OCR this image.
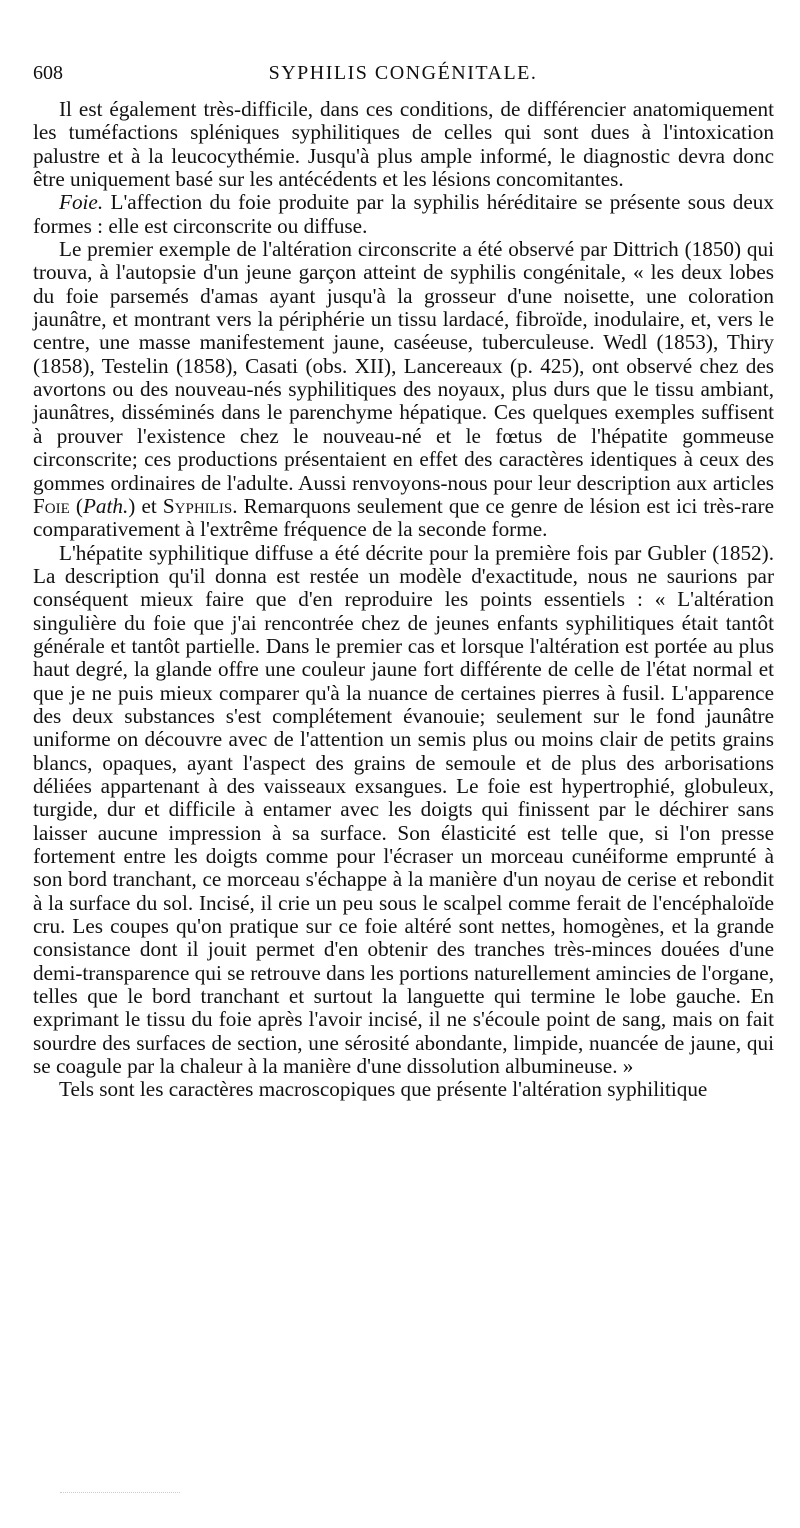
608	SYPHILIS CONGÉNITALE.

Il est également très-difficile, dans ces conditions, de différencier anatomiquement les tuméfactions spléniques syphilitiques de celles qui sont dues à l'intoxication palustre et à la leucocythémie. Jusqu'à plus ample informé, le diagnostic devra donc être uniquement basé sur les antécédents et les lésions concomitantes.

Foie. L'affection du foie produite par la syphilis héréditaire se présente sous deux formes : elle est circonscrite ou diffuse.

Le premier exemple de l'altération circonscrite a été observé par Dittrich (1850) qui trouva, à l'autopsie d'un jeune garçon atteint de syphilis congénitale, « les deux lobes du foie parsemés d'amas ayant jusqu'à la grosseur d'une noisette, une coloration jaunâtre, et montrant vers la périphérie un tissu lardacé, fibroïde, inodulaire, et, vers le centre, une masse manifestement jaune, caséeuse, tuberculeuse. Wedl (1853), Thiry (1858), Testelin (1858), Casati (obs. XII), Lancereaux (p. 425), ont observé chez des avortons ou des nouveau-nés syphilitiques des noyaux, plus durs que le tissu ambiant, jaunâtres, disséminés dans le parenchyme hépatique. Ces quelques exemples suffisent à prouver l'existence chez le nouveau-né et le fœtus de l'hépatite gommeuse circonscrite; ces productions présentaient en effet des caractères identiques à ceux des gommes ordinaires de l'adulte. Aussi renvoyons-nous pour leur description aux articles Foie (Path.) et Syphilis. Remarquons seulement que ce genre de lésion est ici très-rare comparativement à l'extrême fréquence de la seconde forme.

L'hépatite syphilitique diffuse a été décrite pour la première fois par Gubler (1852). La description qu'il donna est restée un modèle d'exactitude, nous ne saurions par conséquent mieux faire que d'en reproduire les points essentiels : « L'altération singulière du foie que j'ai rencontrée chez de jeunes enfants syphilitiques était tantôt générale et tantôt partielle. Dans le premier cas et lorsque l'altération est portée au plus haut degré, la glande offre une couleur jaune fort différente de celle de l'état normal et que je ne puis mieux comparer qu'à la nuance de certaines pierres à fusil. L'apparence des deux substances s'est complétement évanouie; seulement sur le fond jaunâtre uniforme on découvre avec de l'attention un semis plus ou moins clair de petits grains blancs, opaques, ayant l'aspect des grains de semoule et de plus des arborisations déliées appartenant à des vaisseaux exsangues. Le foie est hypertrophié, globuleux, turgide, dur et difficile à entamer avec les doigts qui finissent par le déchirer sans laisser aucune impression à sa surface. Son élasticité est telle que, si l'on presse fortement entre les doigts comme pour l'écraser un morceau cunéiforme emprunté à son bord tranchant, ce morceau s'échappe à la manière d'un noyau de cerise et rebondit à la surface du sol. Incisé, il crie un peu sous le scalpel comme ferait de l'encéphaloïde cru. Les coupes qu'on pratique sur ce foie altéré sont nettes, homogènes, et la grande consistance dont il jouit permet d'en obtenir des tranches très-minces douées d'une demi-transparence qui se retrouve dans les portions naturellement amincies de l'organe, telles que le bord tranchant et surtout la languette qui termine le lobe gauche. En exprimant le tissu du foie après l'avoir incisé, il ne s'écoule point de sang, mais on fait sourdre des surfaces de section, une sérosité abondante, limpide, nuancée de jaune, qui se coagule par la chaleur à la manière d'une dissolution albumineuse. »

Tels sont les caractères macroscopiques que présente l'altération syphilitique
